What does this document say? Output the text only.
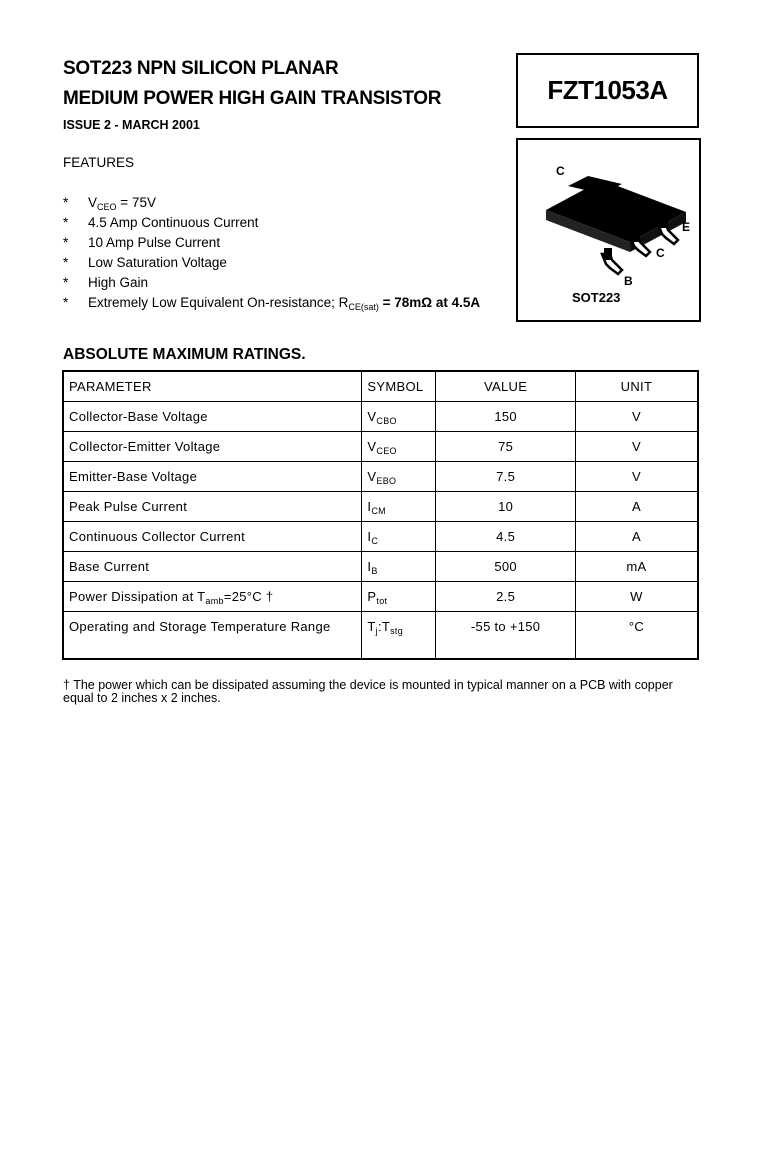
SOT223 NPN SILICON PLANAR
MEDIUM POWER HIGH GAIN TRANSISTOR
ISSUE 2 - MARCH 2001
FZT1053A
FEATURES
* $V_{CEO} = 75V$
* 4.5 Amp Continuous Current
* 10 Amp Pulse Current
* Low Saturation Voltage
* High Gain
* Extremely Low Equivalent On-resistance; $R_{CE(sat)} = 78m\Omega$ at 4.5A
C
E
C
B
SOT223
ABSOLUTE MAXIMUM RATINGS.
PARAMETER	SYMBOL	VALUE	UNIT
Collector-Base Voltage	$V_{CBO}$	150	V
Collector-Emitter Voltage	$V_{CEO}$	75	V
Emitter-Base Voltage	$V_{EBO}$	7.5	V
Peak Pulse Current	$I_{CM}$	10	A
Continuous Collector Current	$I_C$	4.5	A
Base Current	$I_B$	500	mA
Power Dissipation at $T_{amb}=25^\circ C$ †	$P_{tot}$	2.5	W
Operating and Storage Temperature Range	$T_j:T_{stg}$	-55 to +150	°C
† The power which can be dissipated assuming the device is mounted in typical manner on a PCB with copper equal to 2 inches x 2 inches.
